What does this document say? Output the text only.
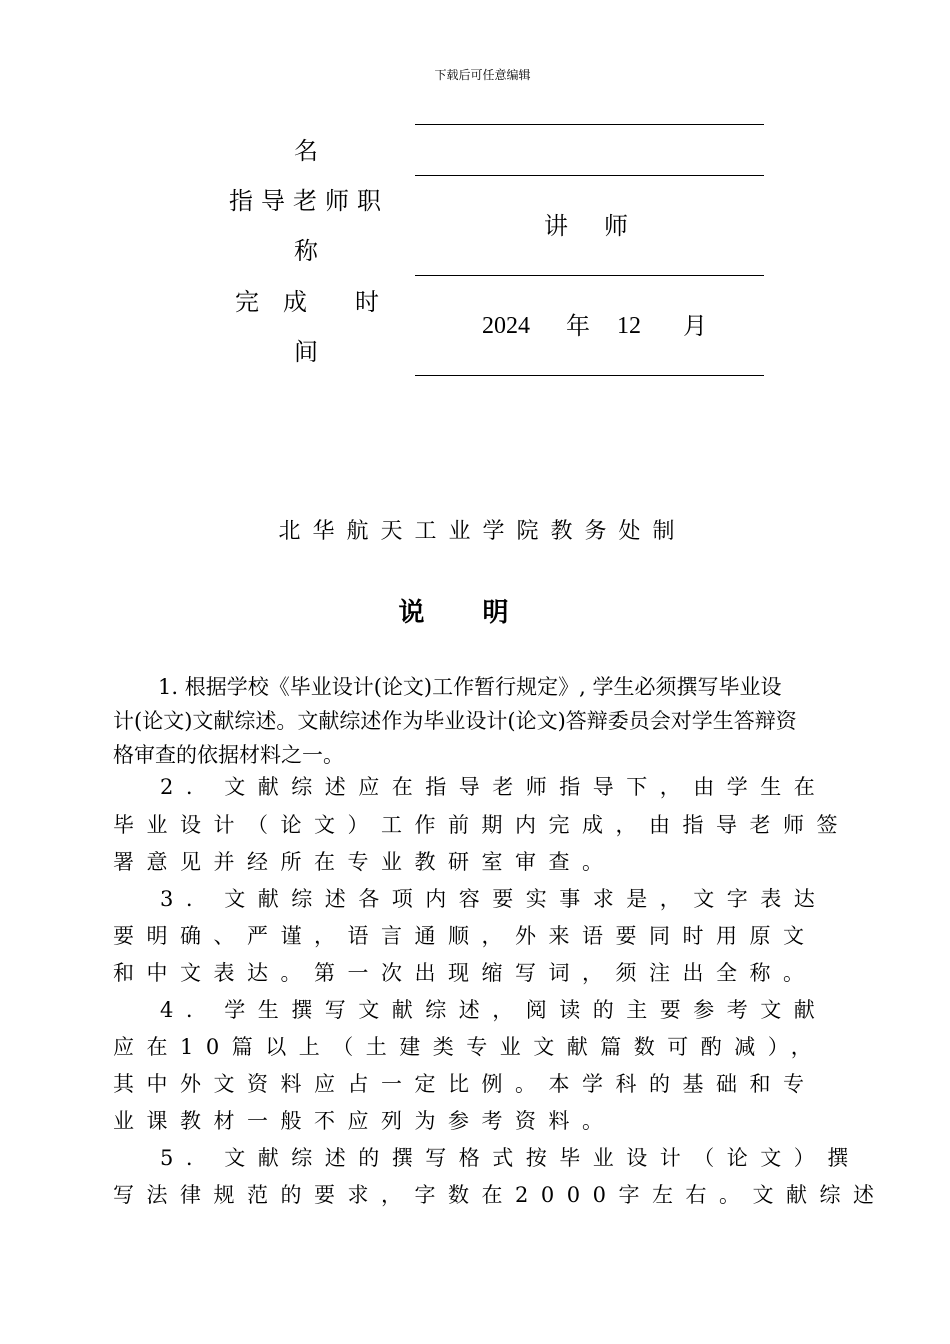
下载后可任意编辑
名
指导老师职
称
讲　师
完　成　　时
间
2024 年 12 月
北华航天工业学院教务处制
说明
1. 根据学校《毕业设计(论文)工作暂行规定》, 学生必须撰写毕业设
计(论文)文献综述。文献综述作为毕业设计(论文)答辩委员会对学生答辩资
格审查的依据材料之一。
2. 文献综述应在指导老师指导下，由学生在
毕业设计（论文）工作前期内完成，由指导老师签
署意见并经所在专业教研室审查。
3. 文献综述各项内容要实事求是，文字表达
要明确、严谨，语言通顺，外来语要同时用原文
和中文表达。第一次出现缩写词，须注出全称。
4. 学生撰写文献综述，阅读的主要参考文献
应在10篇以上（土建类专业文献篇数可酌减），
其中外文资料应占一定比例。本学科的基础和专
业课教材一般不应列为参考资料。
5. 文献综述的撰写格式按毕业设计（论文）撰
写法律规范的要求，字数在2000字左右。文献综述
